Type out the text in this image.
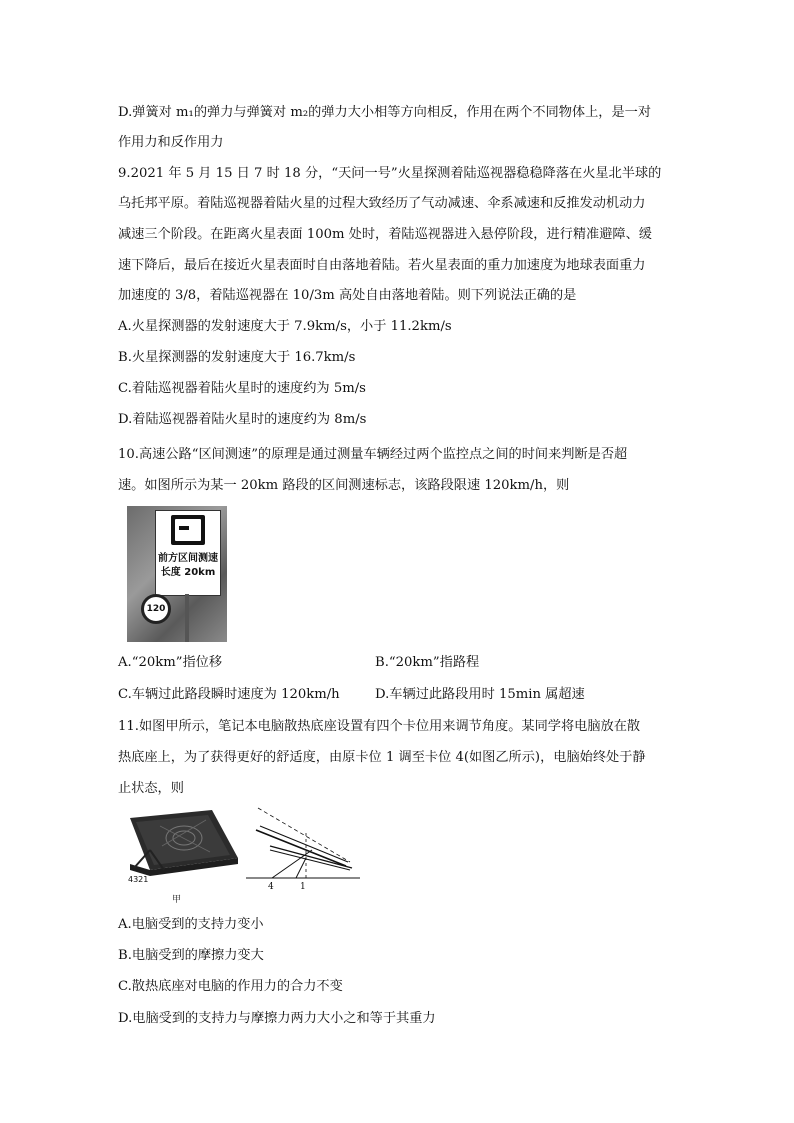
D.弹簧对 m₁的弹力与弹簧对 m₂的弹力大小相等方向相反，作用在两个不同物体上，是一对
作用力和反作用力
9.2021 年 5 月 15 日 7 时 18 分，“天问一号”火星探测着陆巡视器稳稳降落在火星北半球的
乌托邦平原。着陆巡视器着陆火星的过程大致经历了气动减速、伞系减速和反推发动机动力
减速三个阶段。在距离火星表面 100m 处时，着陆巡视器进入悬停阶段，进行精准避障、缓
速下降后，最后在接近火星表面时自由落地着陆。若火星表面的重力加速度为地球表面重力
加速度的 3/8，着陆巡视器在 10/3m 高处自由落地着陆。则下列说法正确的是
A.火星探测器的发射速度大于 7.9km/s，小于 11.2km/s
B.火星探测器的发射速度大于 16.7km/s
C.着陆巡视器着陆火星时的速度约为 5m/s
D.着陆巡视器着陆火星时的速度约为 8m/s
10.高速公路“区间测速”的原理是通过测量车辆经过两个监控点之间的时间来判断是否超
速。如图所示为某一 20km 路段的区间测速标志，该路段限速 120km/h，则
前方区间测速
长度 20km
120
A.“20km”指位移	B.“20km”指路程
C.车辆过此路段瞬时速度为 120km/h	D.车辆过此路段用时 15min 属超速
11.如图甲所示，笔记本电脑散热底座设置有四个卡位用来调节角度。某同学将电脑放在散
热底座上，为了获得更好的舒适度，由原卡位 1 调至卡位 4(如图乙所示)，电脑始终处于静
止状态，则
4321
甲
4	1
A.电脑受到的支持力变小
B.电脑受到的摩擦力变大
C.散热底座对电脑的作用力的合力不变
D.电脑受到的支持力与摩擦力两力大小之和等于其重力
